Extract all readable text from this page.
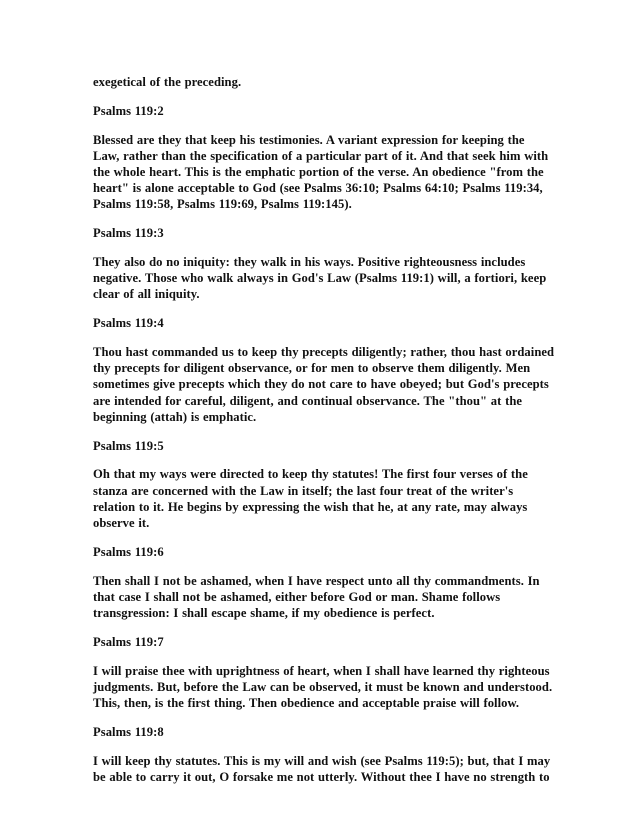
exegetical of the preceding.
Psalms 119:2
Blessed are they that keep his testimonies. A variant expression for keeping the
Law, rather than the specification of a particular part of it. And that seek him with
the whole heart. This is the emphatic portion of the verse. An obedience "from the
heart" is alone acceptable to God (see Psalms 36:10; Psalms 64:10; Psalms 119:34,
Psalms 119:58, Psalms 119:69, Psalms 119:145).
Psalms 119:3
They also do no iniquity: they walk in his ways. Positive righteousness includes
negative. Those who walk always in God's Law (Psalms 119:1) will, a fortiori, keep
clear of all iniquity.
Psalms 119:4
Thou hast commanded us to keep thy precepts diligently; rather, thou hast ordained
thy precepts for diligent observance, or for men to observe them diligently. Men
sometimes give precepts which they do not care to have obeyed; but God's precepts
are intended for careful, diligent, and continual observance. The "thou" at the
beginning (attah) is emphatic.
Psalms 119:5
Oh that my ways were directed to keep thy statutes! The first four verses of the
stanza are concerned with the Law in itself; the last four treat of the writer's
relation to it. He begins by expressing the wish that he, at any rate, may always
observe it.
Psalms 119:6
Then shall I not be ashamed, when I have respect unto all thy commandments. In
that case I shall not be ashamed, either before God or man. Shame follows
transgression: I shall escape shame, if my obedience is perfect.
Psalms 119:7
I will praise thee with uprightness of heart, when I shall have learned thy righteous
judgments. But, before the Law can be observed, it must be known and understood.
This, then, is the first thing. Then obedience and acceptable praise will follow.
Psalms 119:8
I will keep thy statutes. This is my will and wish (see Psalms 119:5); but, that I may
be able to carry it out, O forsake me not utterly. Without thee I have no strength to
